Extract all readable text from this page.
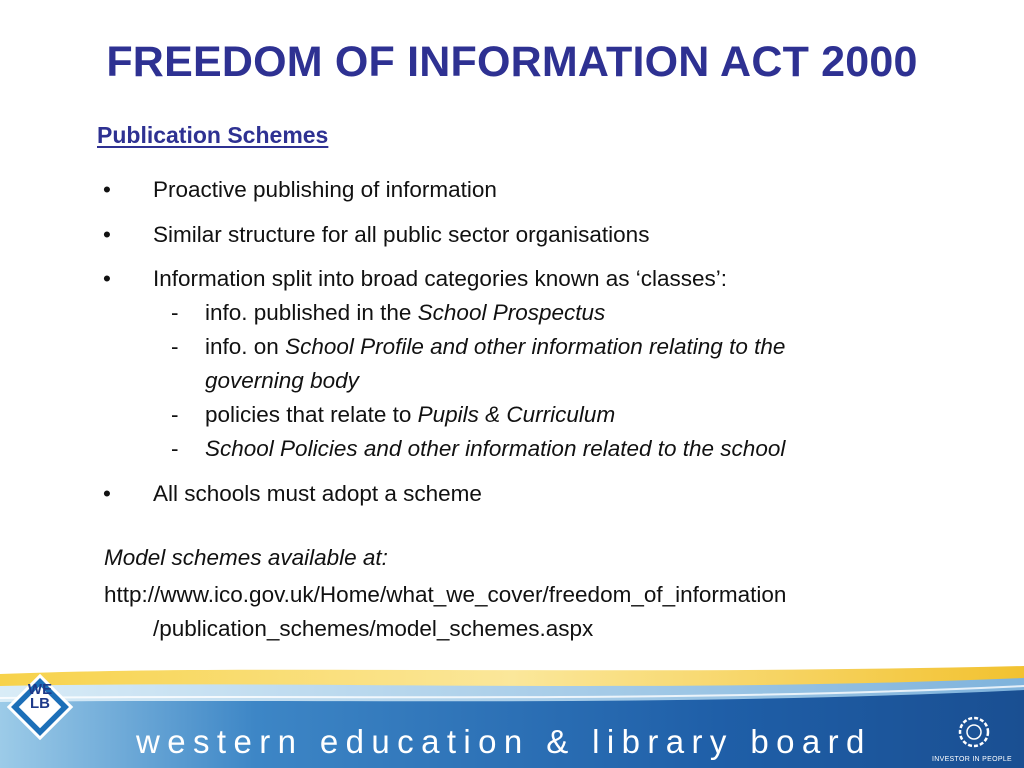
FREEDOM OF INFORMATION ACT 2000
Publication Schemes
• Proactive publishing of information
• Similar structure for all public sector organisations
• Information split into broad categories known as ‘classes’:
- info. published in the School Prospectus
- info. on School Profile and other information relating to the
governing body
- policies that relate to Pupils & Curriculum
- School Policies and other information related to the school
• All schools must adopt a scheme
Model schemes available at:
http://www.ico.gov.uk/Home/what_we_cover/freedom_of_information
/publication_schemes/model_schemes.aspx
WE
LB
western education & library board	INVESTOR IN PEOPLE
